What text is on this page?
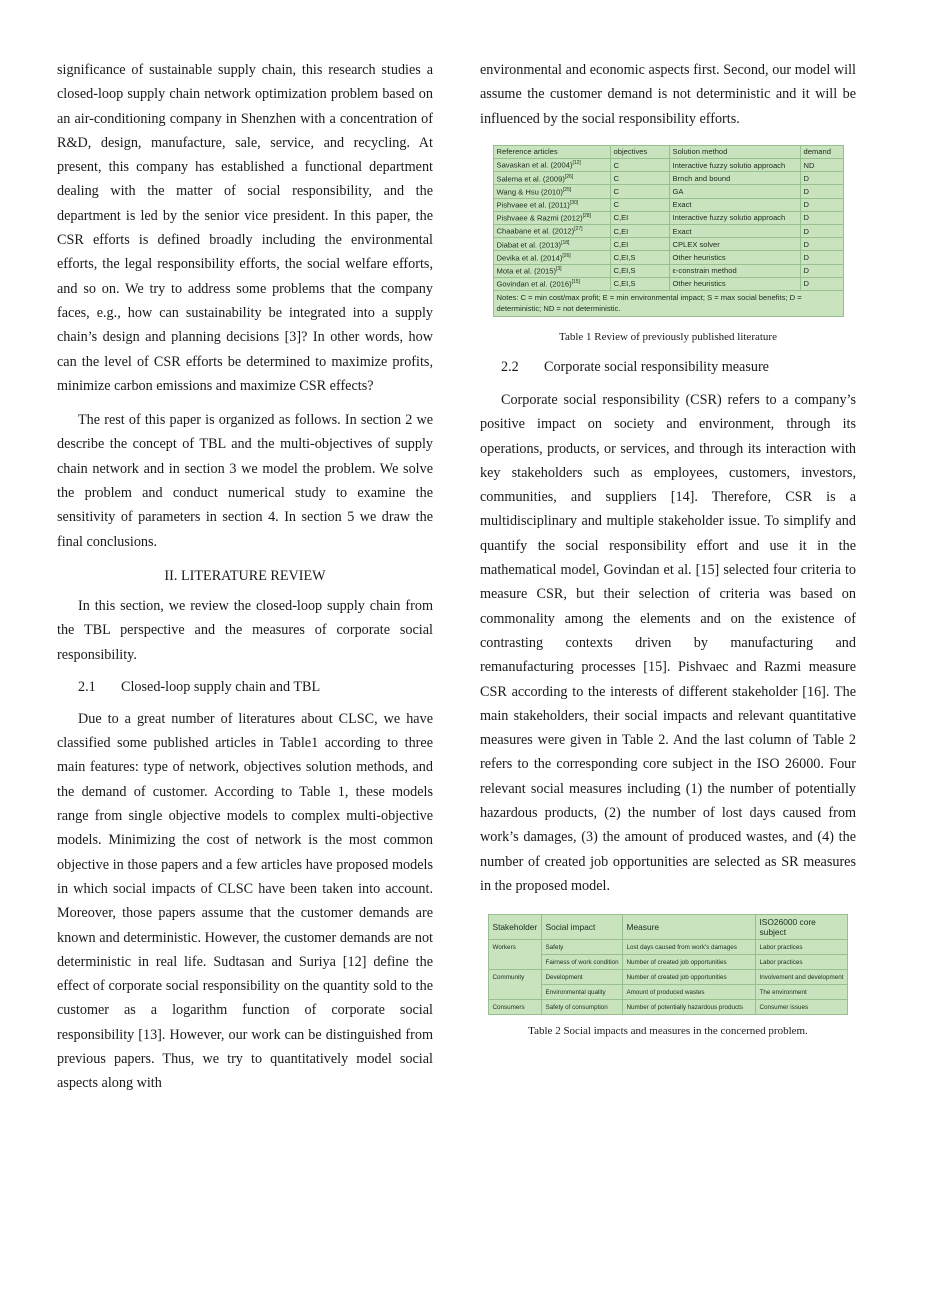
significance of sustainable supply chain, this research studies a closed-loop supply chain network optimization problem based on an air-conditioning company in Shenzhen with a concentration of R&D, design, manufacture, sale, service, and recycling. At present, this company has established a functional department dealing with the matter of social responsibility, and the department is led by the senior vice president. In this paper, the CSR efforts is defined broadly including the environmental efforts, the legal responsibility efforts, the social welfare efforts, and so on. We try to address some problems that the company faces, e.g., how can sustainability be integrated into a supply chain’s design and planning decisions [3]? In other words, how can the level of CSR efforts be determined to maximize profits, minimize carbon emissions and maximize CSR effects?

The rest of this paper is organized as follows. In section 2 we describe the concept of TBL and the multi-objectives of supply chain network and in section 3 we model the problem. We solve the problem and conduct numerical study to examine the sensitivity of parameters in section 4. In section 5 we draw the final conclusions.

II. LITERATURE REVIEW

In this section, we review the closed-loop supply chain from the TBL perspective and the measures of corporate social responsibility.

2.1 Closed-loop supply chain and TBL

Due to a great number of literatures about CLSC, we have classified some published articles in Table1 according to three main features: type of network, objectives solution methods, and the demand of customer. According to Table 1, these models range from single objective models to complex multi-objective models. Minimizing the cost of network is the most common objective in those papers and a few articles have proposed models in which social impacts of CLSC have been taken into account. Moreover, those papers assume that the customer demands are known and deterministic. However, the customer demands are not deterministic in real life. Sudtasan and Suriya [12] define the effect of corporate social responsibility on the quantity sold to the customer as a logarithm function of corporate social responsibility [13]. However, our work can be distinguished from previous papers. Thus, we try to quantitatively model social aspects along with

environmental and economic aspects first. Second, our model will assume the customer demand is not deterministic and it will be influenced by the social responsibility efforts.

Reference articles	objectives	Solution method	demand
Savaskan et al. (2004)[12]	C	Interactive fuzzy solutio approach	ND
Salema et al. (2009)[26]	C	Brnch and bound	D
Wang & Hsu (2010)[25]	C	GA	D
Pishvaee et al. (2011)[30]	C	Exact	D
Pishvaee & Razmi (2012)[28]	C,EI	Interactive fuzzy solutio approach	D
Chaabane et al. (2012)[27]	C,EI	Exact	D
Diabat et al. (2013)[18]	C,EI	CPLEX solver	D
Devika et al. (2014)[26]	C,EI,S	Other heuristics	D
Mota et al. (2015)[3]	C,EI,S	ε-constrain method	D
Govindan et al. (2016)[15]	C,EI,S	Other heuristics	D
Notes: C = min cost/max profit; E = min environmental impact; S = max social benefits; D = deterministic; ND = not deterministic.			

Table 1 Review of previously published literature

2.2 Corporate social responsibility measure

Corporate social responsibility (CSR) refers to a company’s positive impact on society and environment, through its operations, products, or services, and through its interaction with key stakeholders such as employees, customers, investors, communities, and suppliers [14]. Therefore, CSR is a multidisciplinary and multiple stakeholder issue. To simplify and quantify the social responsibility effort and use it in the mathematical model, Govindan et al. [15] selected four criteria to measure CSR, but their selection of criteria was based on commonality among the elements and on the existence of contrasting contexts driven by manufacturing and remanufacturing processes [15]. Pishvaec and Razmi measure CSR according to the interests of different stakeholder [16]. The main stakeholders, their social impacts and relevant quantitative measures were given in Table 2. And the last column of Table 2 refers to the corresponding core subject in the ISO 26000. Four relevant social measures including (1) the number of potentially hazardous products, (2) the number of lost days caused from work’s damages, (3) the amount of produced wastes, and (4) the number of created job opportunities are selected as SR measures in the proposed model.

Stakeholder	Social impact	Measure	ISO26000 core subject
Workers	Safety	Lost days caused from work's damages	Labor practices
	Fairness of work condition	Number of created job opportunities	Labor practices
Community	Development	Number of created job opportunities	Involvement and development
	Environmental quality	Amount of produced wastes	The environment
Consumers	Safety of consumption	Number of potentially hazardous products	Consumer issues

Table 2 Social impacts and measures in the concerned problem.
